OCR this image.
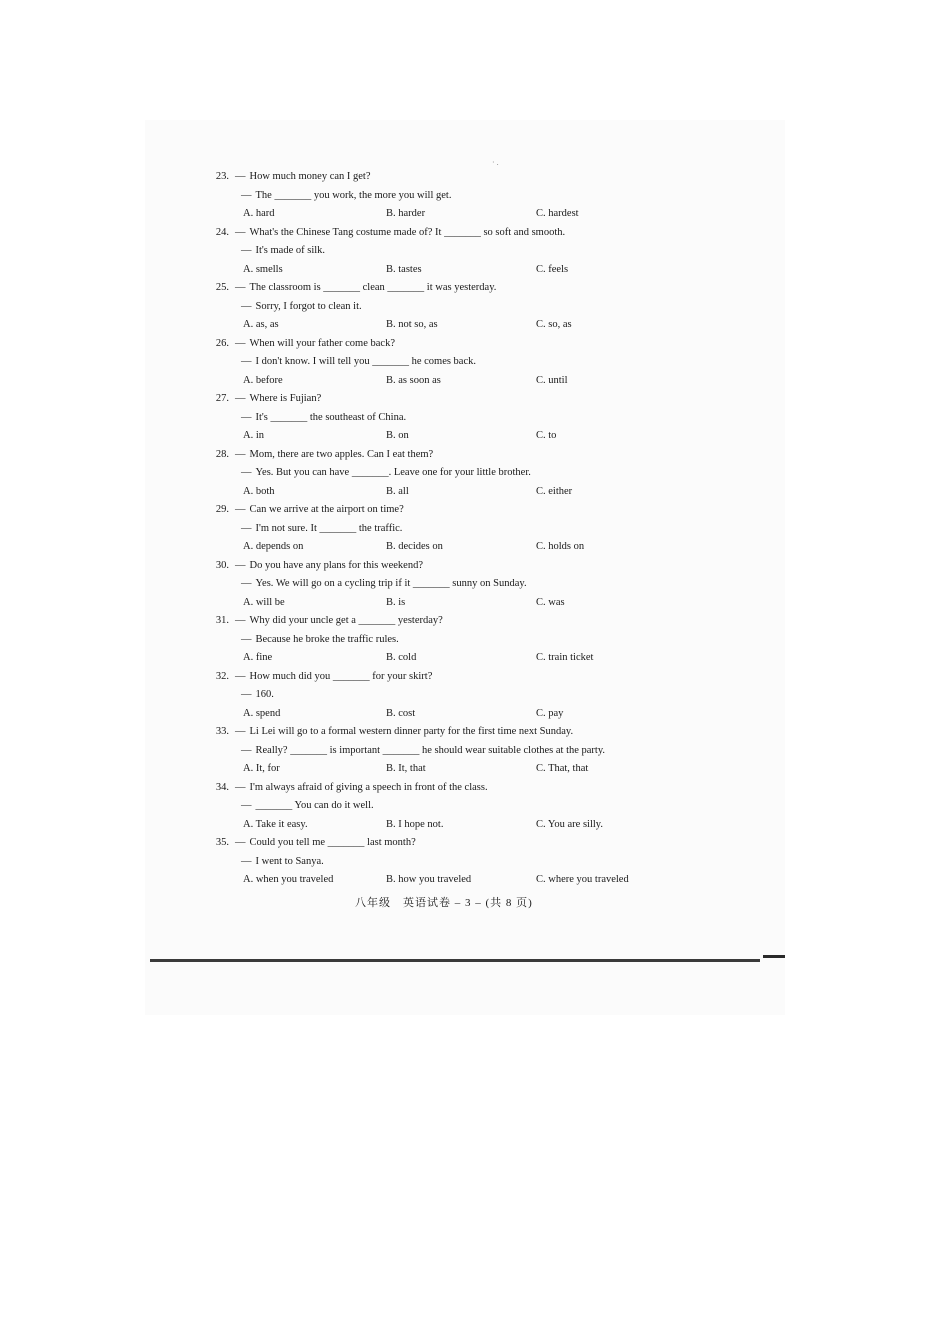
· .
23. — How much money can I get?
— The _______ you work, the more you will get.
A. hard	B. harder	C. hardest
24. — What's the Chinese Tang costume made of? It _______ so soft and smooth.
— It's made of silk.
A. smells	B. tastes	C. feels
25. — The classroom is _______ clean _______ it was yesterday.
— Sorry, I forgot to clean it.
A. as, as	B. not so, as	C. so, as
26. — When will your father come back?
— I don't know. I will tell you _______ he comes back.
A. before	B. as soon as	C. until
27. — Where is Fujian?
— It's _______ the southeast of China.
A. in	B. on	C. to
28. — Mom, there are two apples. Can I eat them?
— Yes. But you can have _______. Leave one for your little brother.
A. both	B. all	C. either
29. — Can we arrive at the airport on time?
— I'm not sure. It _______ the traffic.
A. depends on	B. decides on	C. holds on
30. — Do you have any plans for this weekend?
— Yes. We will go on a cycling trip if it _______ sunny on Sunday.
A. will be	B. is	C. was
31. — Why did your uncle get a _______ yesterday?
— Because he broke the traffic rules.
A. fine	B. cold	C. train ticket
32. — How much did you _______ for your skirt?
— 160.
A. spend	B. cost	C. pay
33. — Li Lei will go to a formal western dinner party for the first time next Sunday.
— Really? _______ is important _______ he should wear suitable clothes at the party.
A. It, for	B. It, that	C. That, that
34. — I'm always afraid of giving a speech in front of the class.
— _______ You can do it well.
A. Take it easy.	B. I hope not.	C. You are silly.
35. — Could you tell me _______ last month?
— I went to Sanya.
A. when you traveled	B. how you traveled	C. where you traveled
八年级　英语试卷 – 3 – (共 8 页)
